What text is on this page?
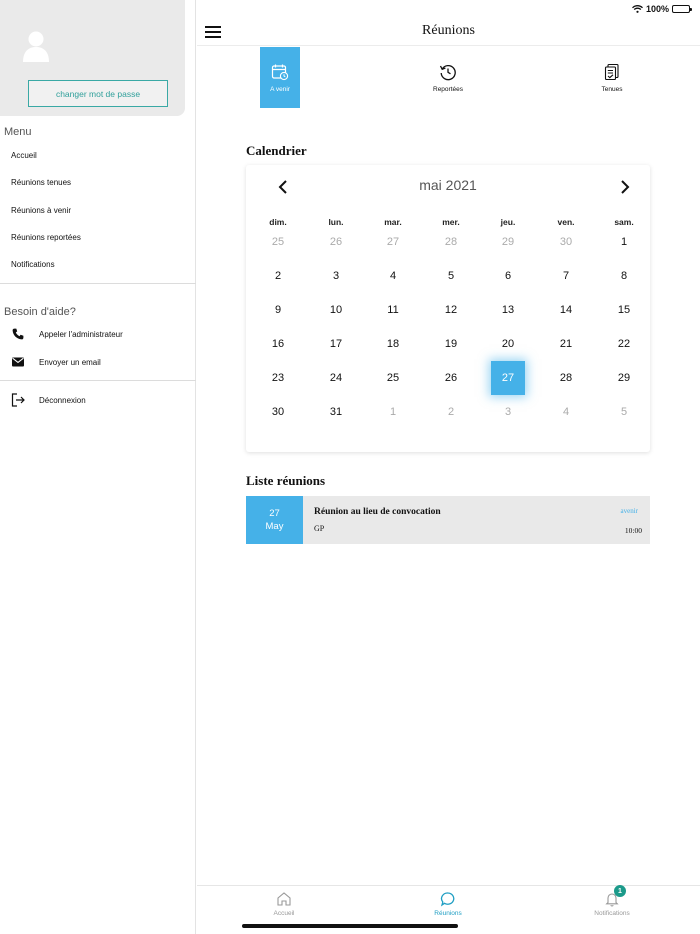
100%
changer mot de passe
Menu
Accueil
Réunions tenues
Réunions à venir
Réunions reportées
Notifications
Besoin d'aide?
Appeler l'administrateur
Envoyer un email
Déconnexion
Réunions
A venir	Reportées	Tenues
Calendrier
mai 2021
dim.	lun.	mar.	mer.	jeu.	ven.	sam.
25	26	27	28	29	30	1
2	3	4	5	6	7	8
9	10	11	12	13	14	15
16	17	18	19	20	21	22
23	24	25	26	27	28	29
30	31	1	2	3	4	5
Liste réunions
27
May
Réunion au lieu de convocation
GP
avenir
10:00
Accueil	Réunions
1
Notifications
